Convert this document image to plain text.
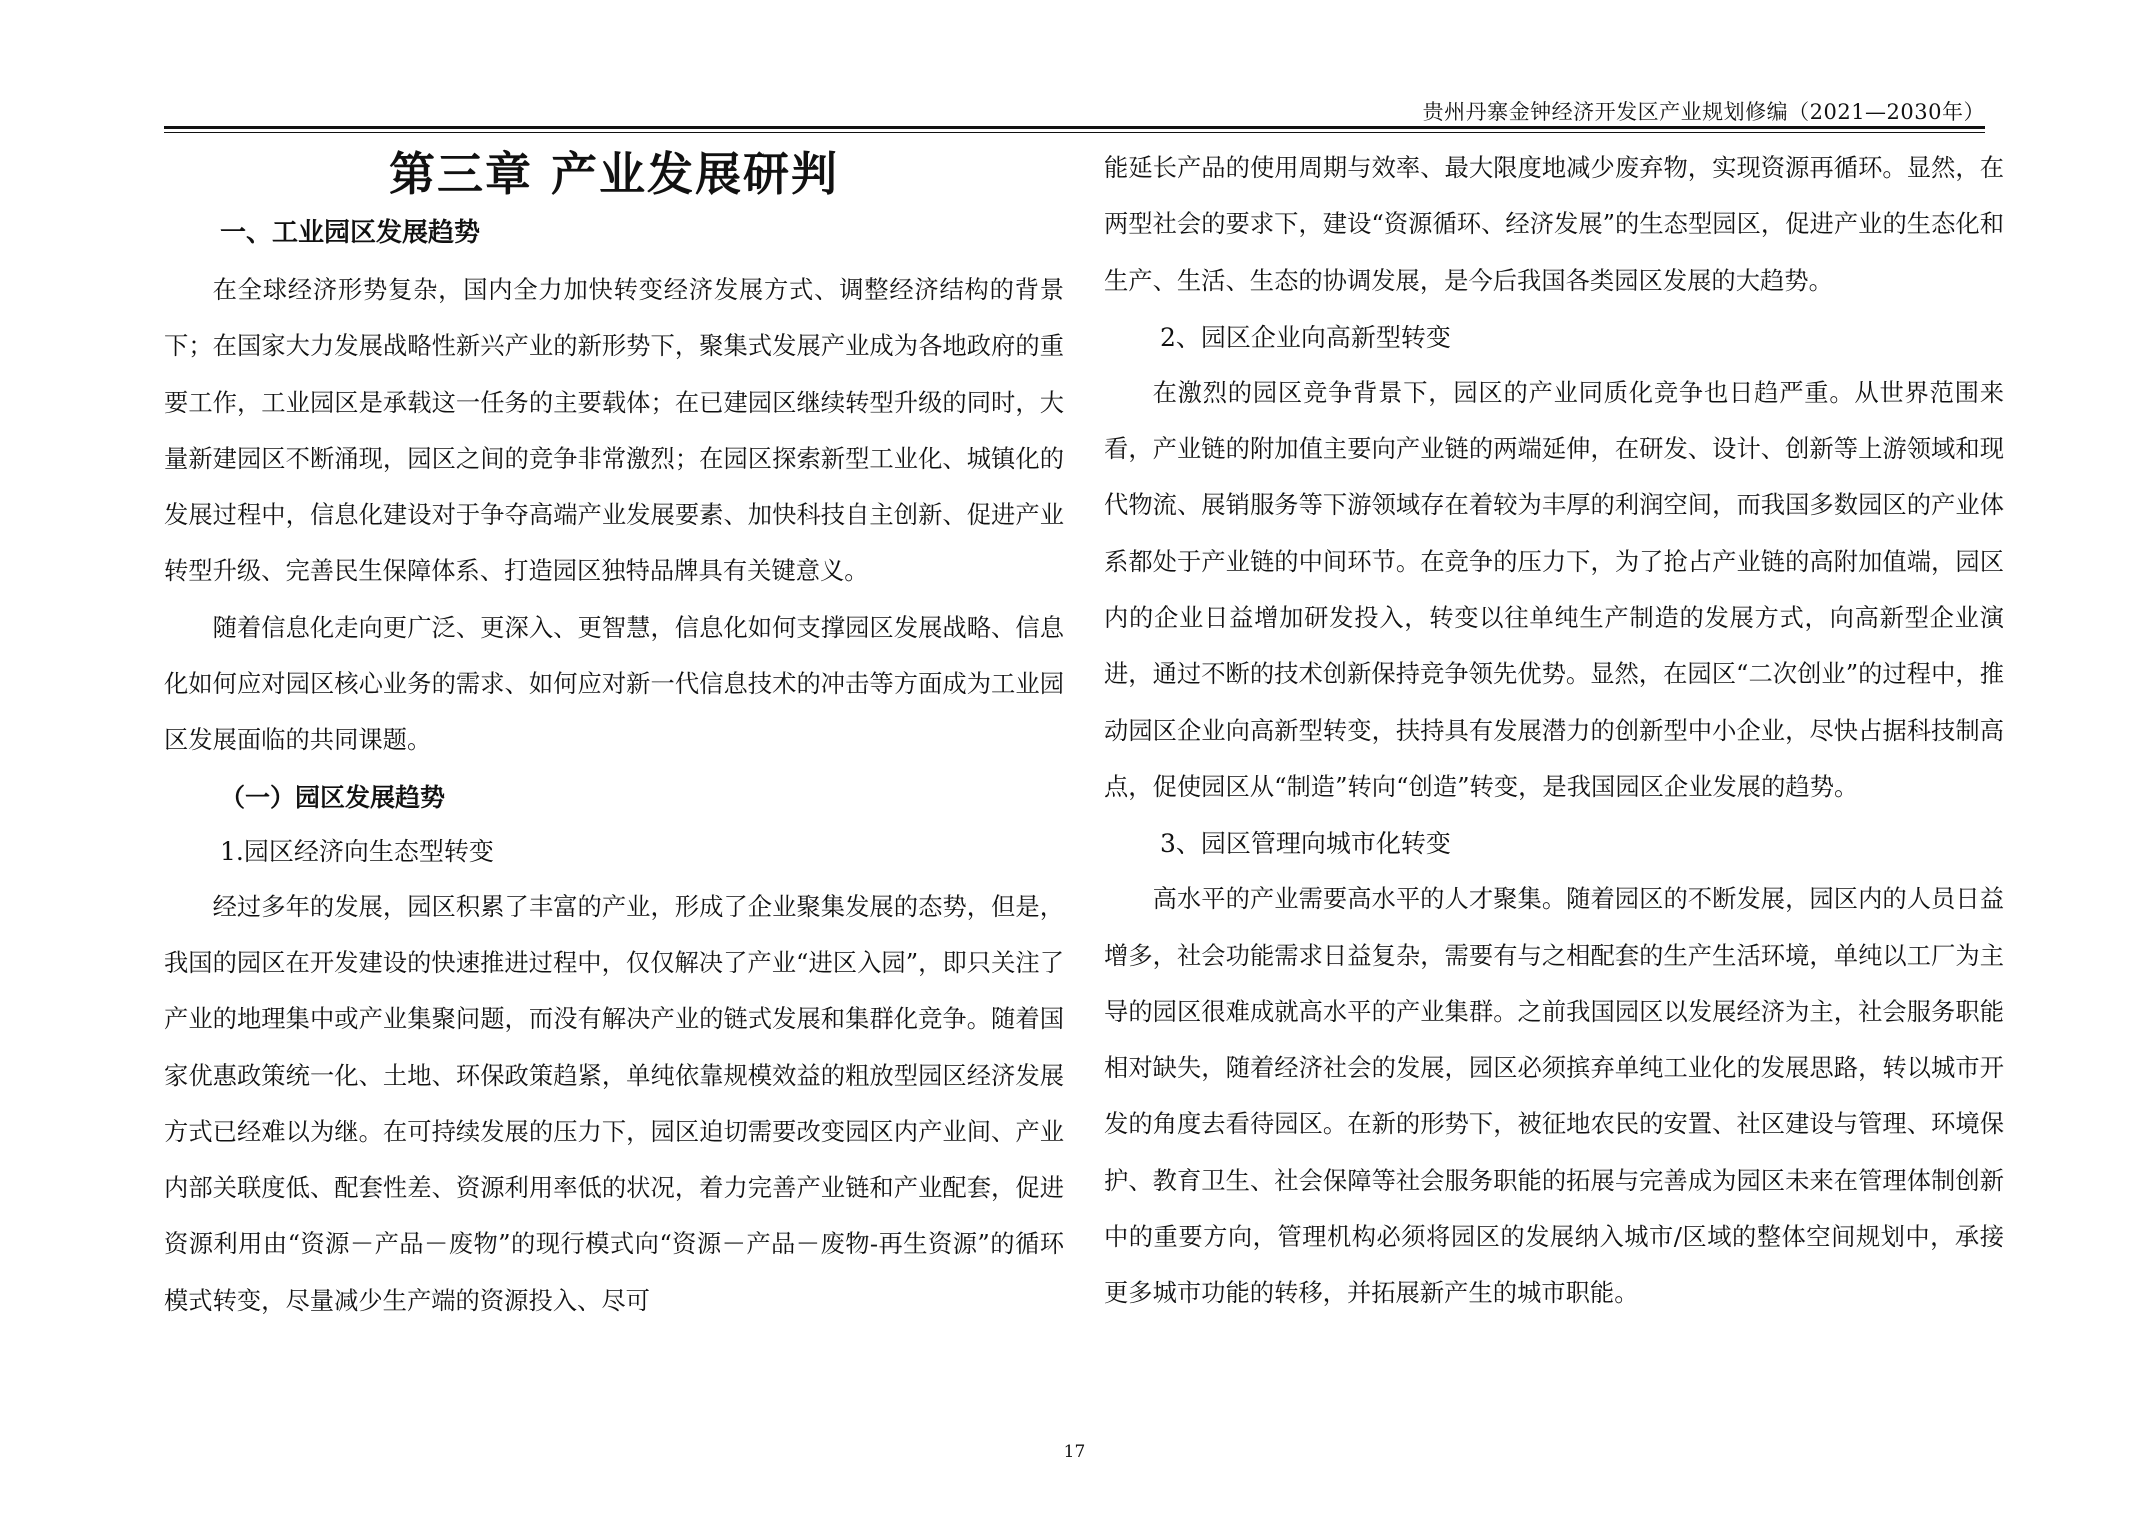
贵州丹寨金钟经济开发区产业规划修编（2021—2030年）
第三章 产业发展研判
一、工业园区发展趋势

在全球经济形势复杂，国内全力加快转变经济发展方式、调整经济结构的背景下；在国家大力发展战略性新兴产业的新形势下，聚集式发展产业成为各地政府的重要工作，工业园区是承载这一任务的主要载体；在已建园区继续转型升级的同时，大量新建园区不断涌现，园区之间的竞争非常激烈；在园区探索新型工业化、城镇化的发展过程中，信息化建设对于争夺高端产业发展要素、加快科技自主创新、促进产业转型升级、完善民生保障体系、打造园区独特品牌具有关键意义。

随着信息化走向更广泛、更深入、更智慧，信息化如何支撑园区发展战略、信息化如何应对园区核心业务的需求、如何应对新一代信息技术的冲击等方面成为工业园区发展面临的共同课题。

（一）园区发展趋势
1.园区经济向生态型转变

经过多年的发展，园区积累了丰富的产业，形成了企业聚集发展的态势，但是，我国的园区在开发建设的快速推进过程中，仅仅解决了产业“进区入园”，即只关注了产业的地理集中或产业集聚问题，而没有解决产业的链式发展和集群化竞争。随着国家优惠政策统一化、土地、环保政策趋紧，单纯依靠规模效益的粗放型园区经济发展方式已经难以为继。在可持续发展的压力下，园区迫切需要改变园区内产业间、产业内部关联度低、配套性差、资源利用率低的状况，着力完善产业链和产业配套，促进资源利用由“资源－产品－废物”的现行模式向“资源－产品－废物-再生资源”的循环模式转变，尽量减少生产端的资源投入、尽可

能延长产品的使用周期与效率、最大限度地减少废弃物，实现资源再循环。显然，在两型社会的要求下，建设“资源循环、经济发展”的生态型园区，促进产业的生态化和生产、生活、生态的协调发展，是今后我国各类园区发展的大趋势。

2、园区企业向高新型转变

在激烈的园区竞争背景下，园区的产业同质化竞争也日趋严重。从世界范围来看，产业链的附加值主要向产业链的两端延伸，在研发、设计、创新等上游领域和现代物流、展销服务等下游领域存在着较为丰厚的利润空间，而我国多数园区的产业体系都处于产业链的中间环节。在竞争的压力下，为了抢占产业链的高附加值端，园区内的企业日益增加研发投入，转变以往单纯生产制造的发展方式，向高新型企业演进，通过不断的技术创新保持竞争领先优势。显然，在园区“二次创业”的过程中，推动园区企业向高新型转变，扶持具有发展潜力的创新型中小企业，尽快占据科技制高点，促使园区从“制造”转向“创造”转变，是我国园区企业发展的趋势。

3、园区管理向城市化转变

高水平的产业需要高水平的人才聚集。随着园区的不断发展，园区内的人员日益增多，社会功能需求日益复杂，需要有与之相配套的生产生活环境，单纯以工厂为主导的园区很难成就高水平的产业集群。之前我国园区以发展经济为主，社会服务职能相对缺失，随着经济社会的发展，园区必须摈弃单纯工业化的发展思路，转以城市开发的角度去看待园区。在新的形势下，被征地农民的安置、社区建设与管理、环境保护、教育卫生、社会保障等社会服务职能的拓展与完善成为园区未来在管理体制创新中的重要方向，管理机构必须将园区的发展纳入城市/区域的整体空间规划中，承接更多城市功能的转移，并拓展新产生的城市职能。

17
